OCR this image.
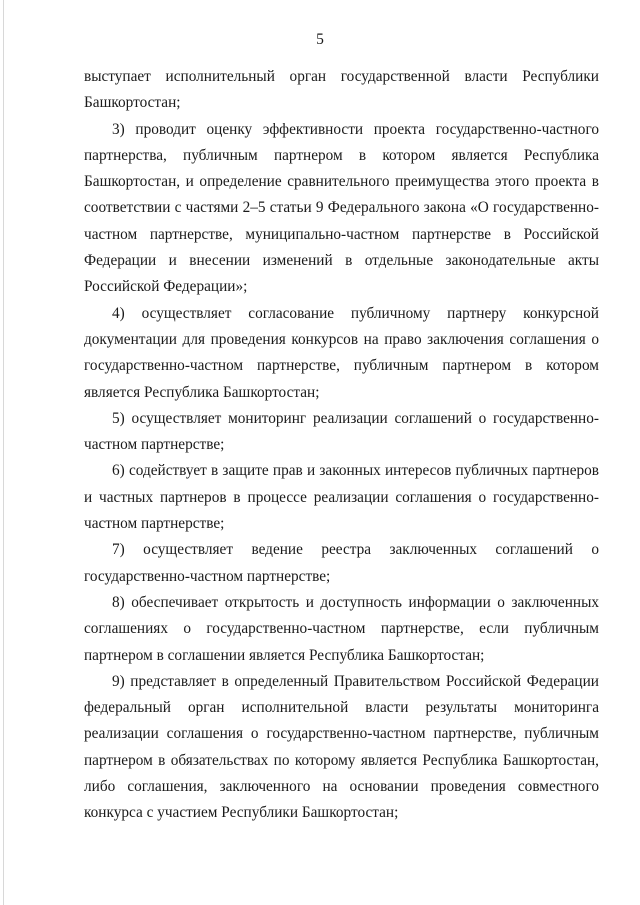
5

выступает исполнительный орган государственной власти Республики Башкортостан;

3) проводит оценку эффективности проекта государственно-частного партнерства, публичным партнером в котором является Республика Башкортостан, и определение сравнительного преимущества этого проекта в соответствии с частями 2–5 статьи 9 Федерального закона «О государственно-частном партнерстве, муниципально-частном партнерстве в Российской Федерации и внесении изменений в отдельные законодательные акты Российской Федерации»;

4) осуществляет согласование публичному партнеру конкурсной документации для проведения конкурсов на право заключения соглашения о государственно-частном партнерстве, публичным партнером в котором является Республика Башкортостан;

5) осуществляет мониторинг реализации соглашений о государственно-частном партнерстве;

6) содействует в защите прав и законных интересов публичных партнеров и частных партнеров в процессе реализации соглашения о государственно-частном партнерстве;

7) осуществляет ведение реестра заключенных соглашений о государственно-частном партнерстве;

8) обеспечивает открытость и доступность информации о заключенных соглашениях о государственно-частном партнерстве, если публичным партнером в соглашении является Республика Башкортостан;

9) представляет в определенный Правительством Российской Федерации федеральный орган исполнительной власти результаты мониторинга реализации соглашения о государственно-частном партнерстве, публичным партнером в обязательствах по которому является Республика Башкортостан, либо соглашения, заключенного на основании проведения совместного конкурса с участием Республики Башкортостан;
